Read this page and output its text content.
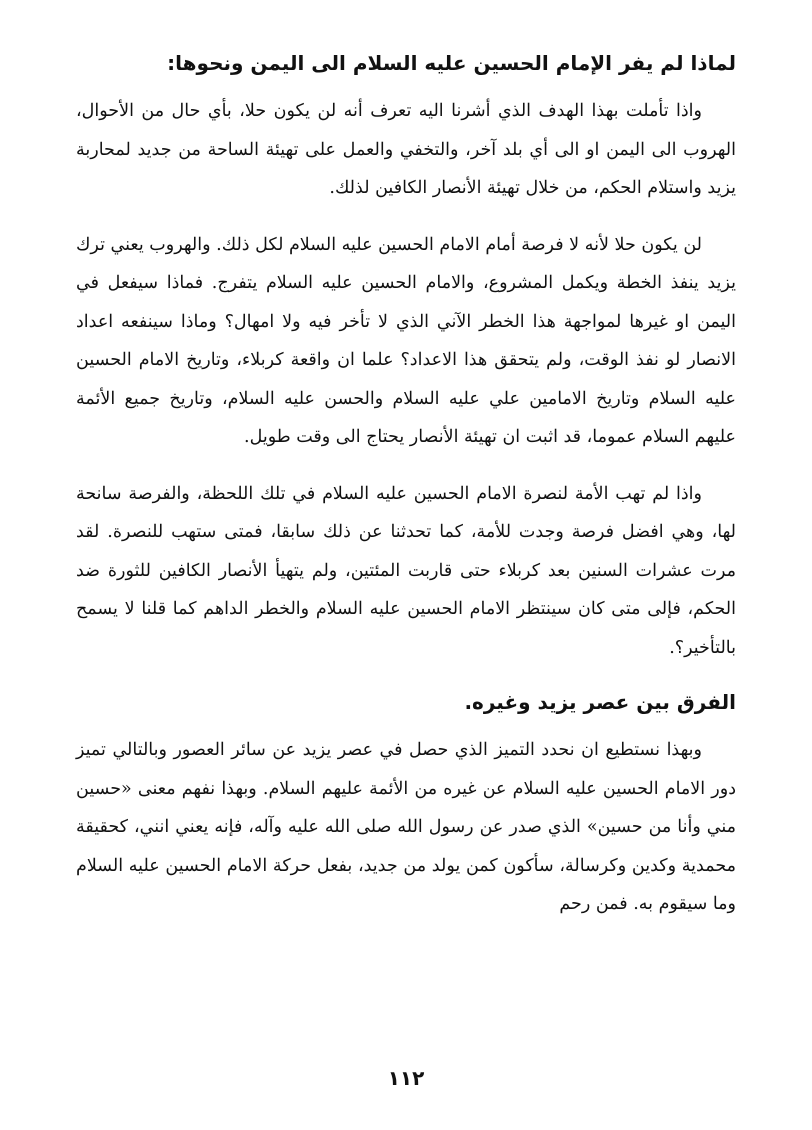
لماذا لم يفر الإمام الحسين عليه السلام الى اليمن ونحوها:

واذا تأملت بهذا الهدف الذي أشرنا اليه تعرف أنه لن يكون حلا، بأي حال من الأحوال، الهروب الى اليمن او الى أي بلد آخر، والتخفي والعمل على تهيئة الساحة من جديد لمحاربة يزيد واستلام الحكم، من خلال تهيئة الأنصار الكافين لذلك.

لن يكون حلا لأنه لا فرصة أمام الامام الحسين عليه السلام لكل ذلك. والهروب يعني ترك يزيد ينفذ الخطة ويكمل المشروع، والامام الحسين عليه السلام يتفرج. فماذا سيفعل في اليمن او غيرها لمواجهة هذا الخطر الآني الذي لا تأخر فيه ولا امهال؟ وماذا سينفعه اعداد الانصار لو نفذ الوقت، ولم يتحقق هذا الاعداد؟ علما ان واقعة كربلاء، وتاريخ الامام الحسين عليه السلام وتاريخ الامامين علي عليه السلام والحسن عليه السلام، وتاريخ جميع الأئمة عليهم السلام عموما، قد اثبت ان تهيئة الأنصار يحتاج الى وقت طويل.

واذا لم تهب الأمة لنصرة الامام الحسين عليه السلام في تلك اللحظة، والفرصة سانحة لها، وهي افضل فرصة وجدت للأمة، كما تحدثنا عن ذلك سابقا، فمتى ستهب للنصرة. لقد مرت عشرات السنين بعد كربلاء حتى قاربت المئتين، ولم يتهيأ الأنصار الكافين للثورة ضد الحكم، فإلى متى كان سينتظر الامام الحسين عليه السلام والخطر الداهم كما قلنا لا يسمح بالتأخير؟.

الفرق بين عصر يزيد وغيره.

وبهذا نستطيع ان نحدد التميز الذي حصل في عصر يزيد عن سائر العصور وبالتالي تميز دور الامام الحسين عليه السلام عن غيره من الأئمة عليهم السلام. وبهذا نفهم معنى «حسين مني وأنا من حسين» الذي صدر عن رسول الله صلى الله عليه وآله، فإنه يعني انني، كحقيقة محمدية وكدين وكرسالة، سأكون كمن يولد من جديد، بفعل حركة الامام الحسين عليه السلام وما سيقوم به. فمن رحم

١١٢
